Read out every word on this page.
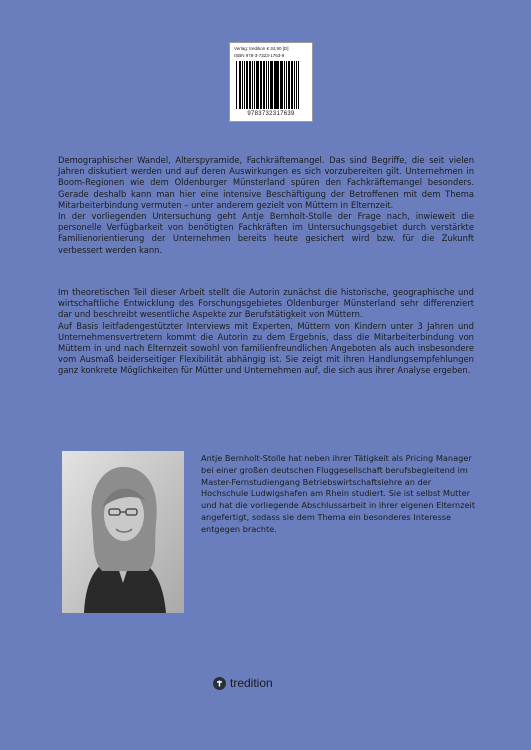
Verlag: tredition € 34,90 [D]
ISBN 978-3-7323-1763-9
9783732317639

Demographischer Wandel, Alterspyramide, Fachkräftemangel. Das sind Begriffe, die seit vielen Jahren diskutiert werden und auf deren Auswirkungen es sich vorzubereiten gilt. Unternehmen in Boom-Regionen wie dem Oldenburger Münsterland spüren den Fachkräftemangel besonders. Gerade deshalb kann man hier eine intensive Beschäftigung der Betroffenen mit dem Thema Mitarbeiterbindung vermuten – unter anderem gezielt von Müttern in Elternzeit.
In der vorliegenden Untersuchung geht Antje Bernholt-Stolle der Frage nach, inwieweit die personelle Verfügbarkeit von benötigten Fachkräften im Untersuchungsgebiet durch verstärkte Familienorientierung der Unternehmen bereits heute gesichert wird bzw. für die Zukunft verbessert werden kann.

Im theoretischen Teil dieser Arbeit stellt die Autorin zunächst die historische, geographische und wirtschaftliche Entwicklung des Forschungsgebietes Oldenburger Münsterland sehr differenziert dar und beschreibt wesentliche Aspekte zur Berufstätigkeit von Müttern.
Auf Basis leitfadengestützter Interviews mit Experten, Müttern von Kindern unter 3 Jahren und Unternehmensvertretern kommt die Autorin zu dem Ergebnis, dass die Mitarbeiterbindung von Müttern in und nach Elternzeit sowohl von familienfreundlichen Angeboten als auch insbesondere vom Ausmaß beiderseitiger Flexibilität abhängig ist. Sie zeigt mit ihren Handlungsempfehlungen ganz konkrete Möglichkeiten für Mütter und Unternehmen auf, die sich aus ihrer Analyse ergeben.

Antje Bernholt-Stolle hat neben ihrer Tätigkeit als Pricing Manager bei einer großen deutschen Fluggesellschaft berufsbegleitend im Master-Fernstudiengang Betriebswirtschaftslehre an der Hochschule Ludwigshafen am Rhein studiert. Sie ist selbst Mutter und hat die vorliegende Abschlussarbeit in ihrer eigenen Elternzeit angefertigt, sodass sie dem Thema ein besonderes Interesse entgegen brachte.

tredition
